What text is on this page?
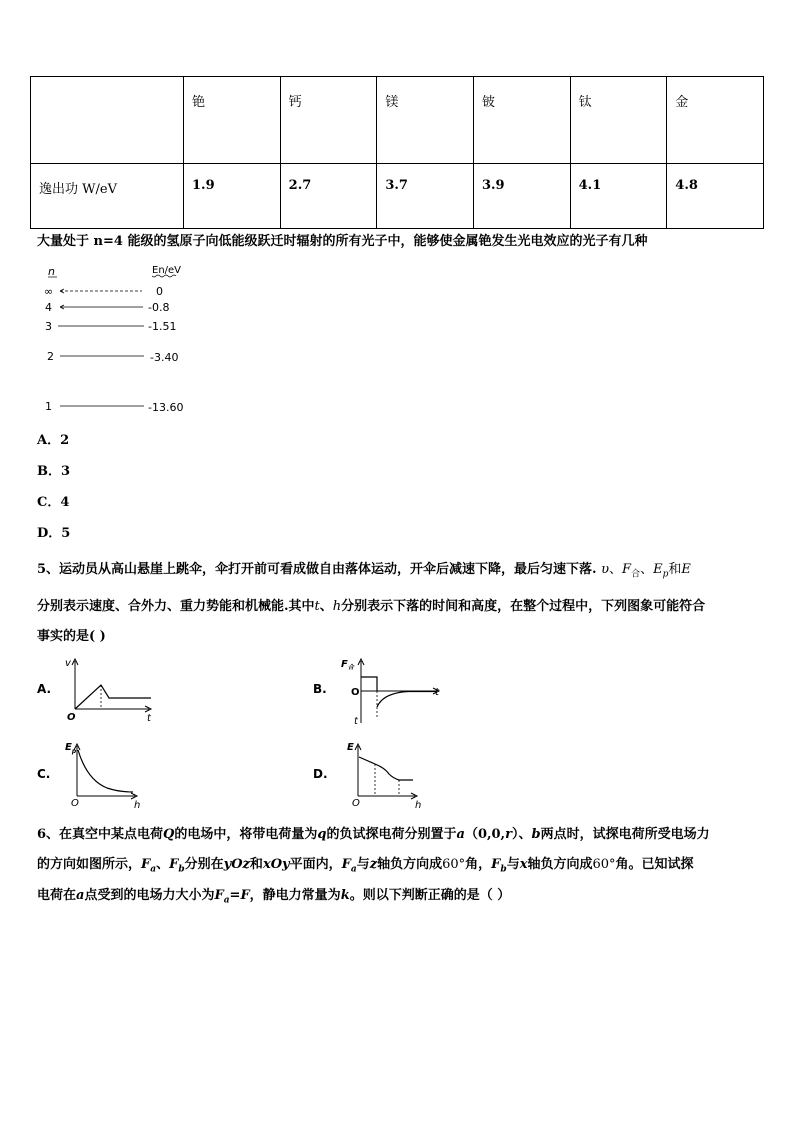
	铯	钙	镁	铍	钛	金
逸出功 W/eV	1.9	2.7	3.7	3.9	4.1	4.8
大量处于 n=4 能级的氢原子向低能级跃迁时辐射的所有光子中，能够使金属铯发生光电效应的光子有几种
n	En/eV
∞	0
4	-0.8
3	-1.51
2	-3.40
1	-13.60
A．2
B．3
C．4
D．5
5、运动员从高山悬崖上跳伞，伞打开前可看成做自由落体运动，开伞后减速下降，最后匀速下落. υ、$F_合$、$E_p$和E
分别表示速度、合外力、重力势能和机械能.其中t、h分别表示下落的时间和高度，在整个过程中，下列图象可能符合
事实的是( )
A.
v
O	t
B.
$F_合$
O	t
t
C.
$E_p$
O	h
D.
E
O	h
6、在真空中某点电荷Q的电场中，将带电荷量为q的负试探电荷分别置于a（0,0,r）、b两点时，试探电荷所受电场力
的方向如图所示，$F_a$、$F_b$分别在yOz和xOy平面内，$F_a$与z轴负方向成60°角，$F_b$与x轴负方向成60°角。已知试探
电荷在a点受到的电场力大小为$F_a=F$，静电力常量为k。则以下判断正确的是（ ）
